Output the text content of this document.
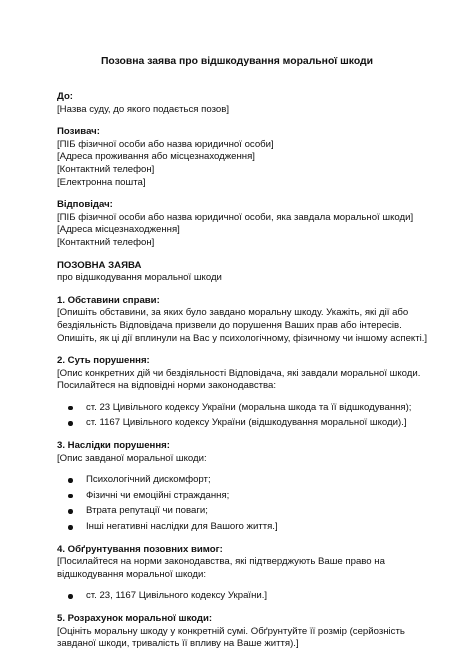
Позовна заява про відшкодування моральної шкоди
До:
[Назва суду, до якого подається позов]
Позивач:
[ПІБ фізичної особи або назва юридичної особи]
[Адреса проживання або місцезнаходження]
[Контактний телефон]
[Електронна пошта]
Відповідач:
[ПІБ фізичної особи або назва юридичної особи, яка завдала моральної шкоди]
[Адреса місцезнаходження]
[Контактний телефон]
ПОЗОВНА ЗАЯВА
про відшкодування моральної шкоди
1. Обставини справи:
[Опишіть обставини, за яких було завдано моральну шкоду. Укажіть, які дії або бездіяльність Відповідача призвели до порушення Ваших прав або інтересів. Опишіть, як ці дії вплинули на Вас у психологічному, фізичному чи іншому аспекті.]
2. Суть порушення:
[Опис конкретних дій чи бездіяльності Відповідача, які завдали моральної шкоди. Посилайтеся на відповідні норми законодавства:
ст. 23 Цивільного кодексу України (моральна шкода та її відшкодування);
ст. 1167 Цивільного кодексу України (відшкодування моральної шкоди).]
3. Наслідки порушення:
[Опис завданої моральної шкоди:
Психологічний дискомфорт;
Фізичні чи емоційні страждання;
Втрата репутації чи поваги;
Інші негативні наслідки для Вашого життя.]
4. Обґрунтування позовних вимог:
[Посилайтеся на норми законодавства, які підтверджують Ваше право на відшкодування моральної шкоди:
ст. 23, 1167 Цивільного кодексу України.]
5. Розрахунок моральної шкоди:
[Оцініть моральну шкоду у конкретній сумі. Обґрунтуйте її розмір (серйозність завданої шкоди, тривалість її впливу на Ваше життя).]
